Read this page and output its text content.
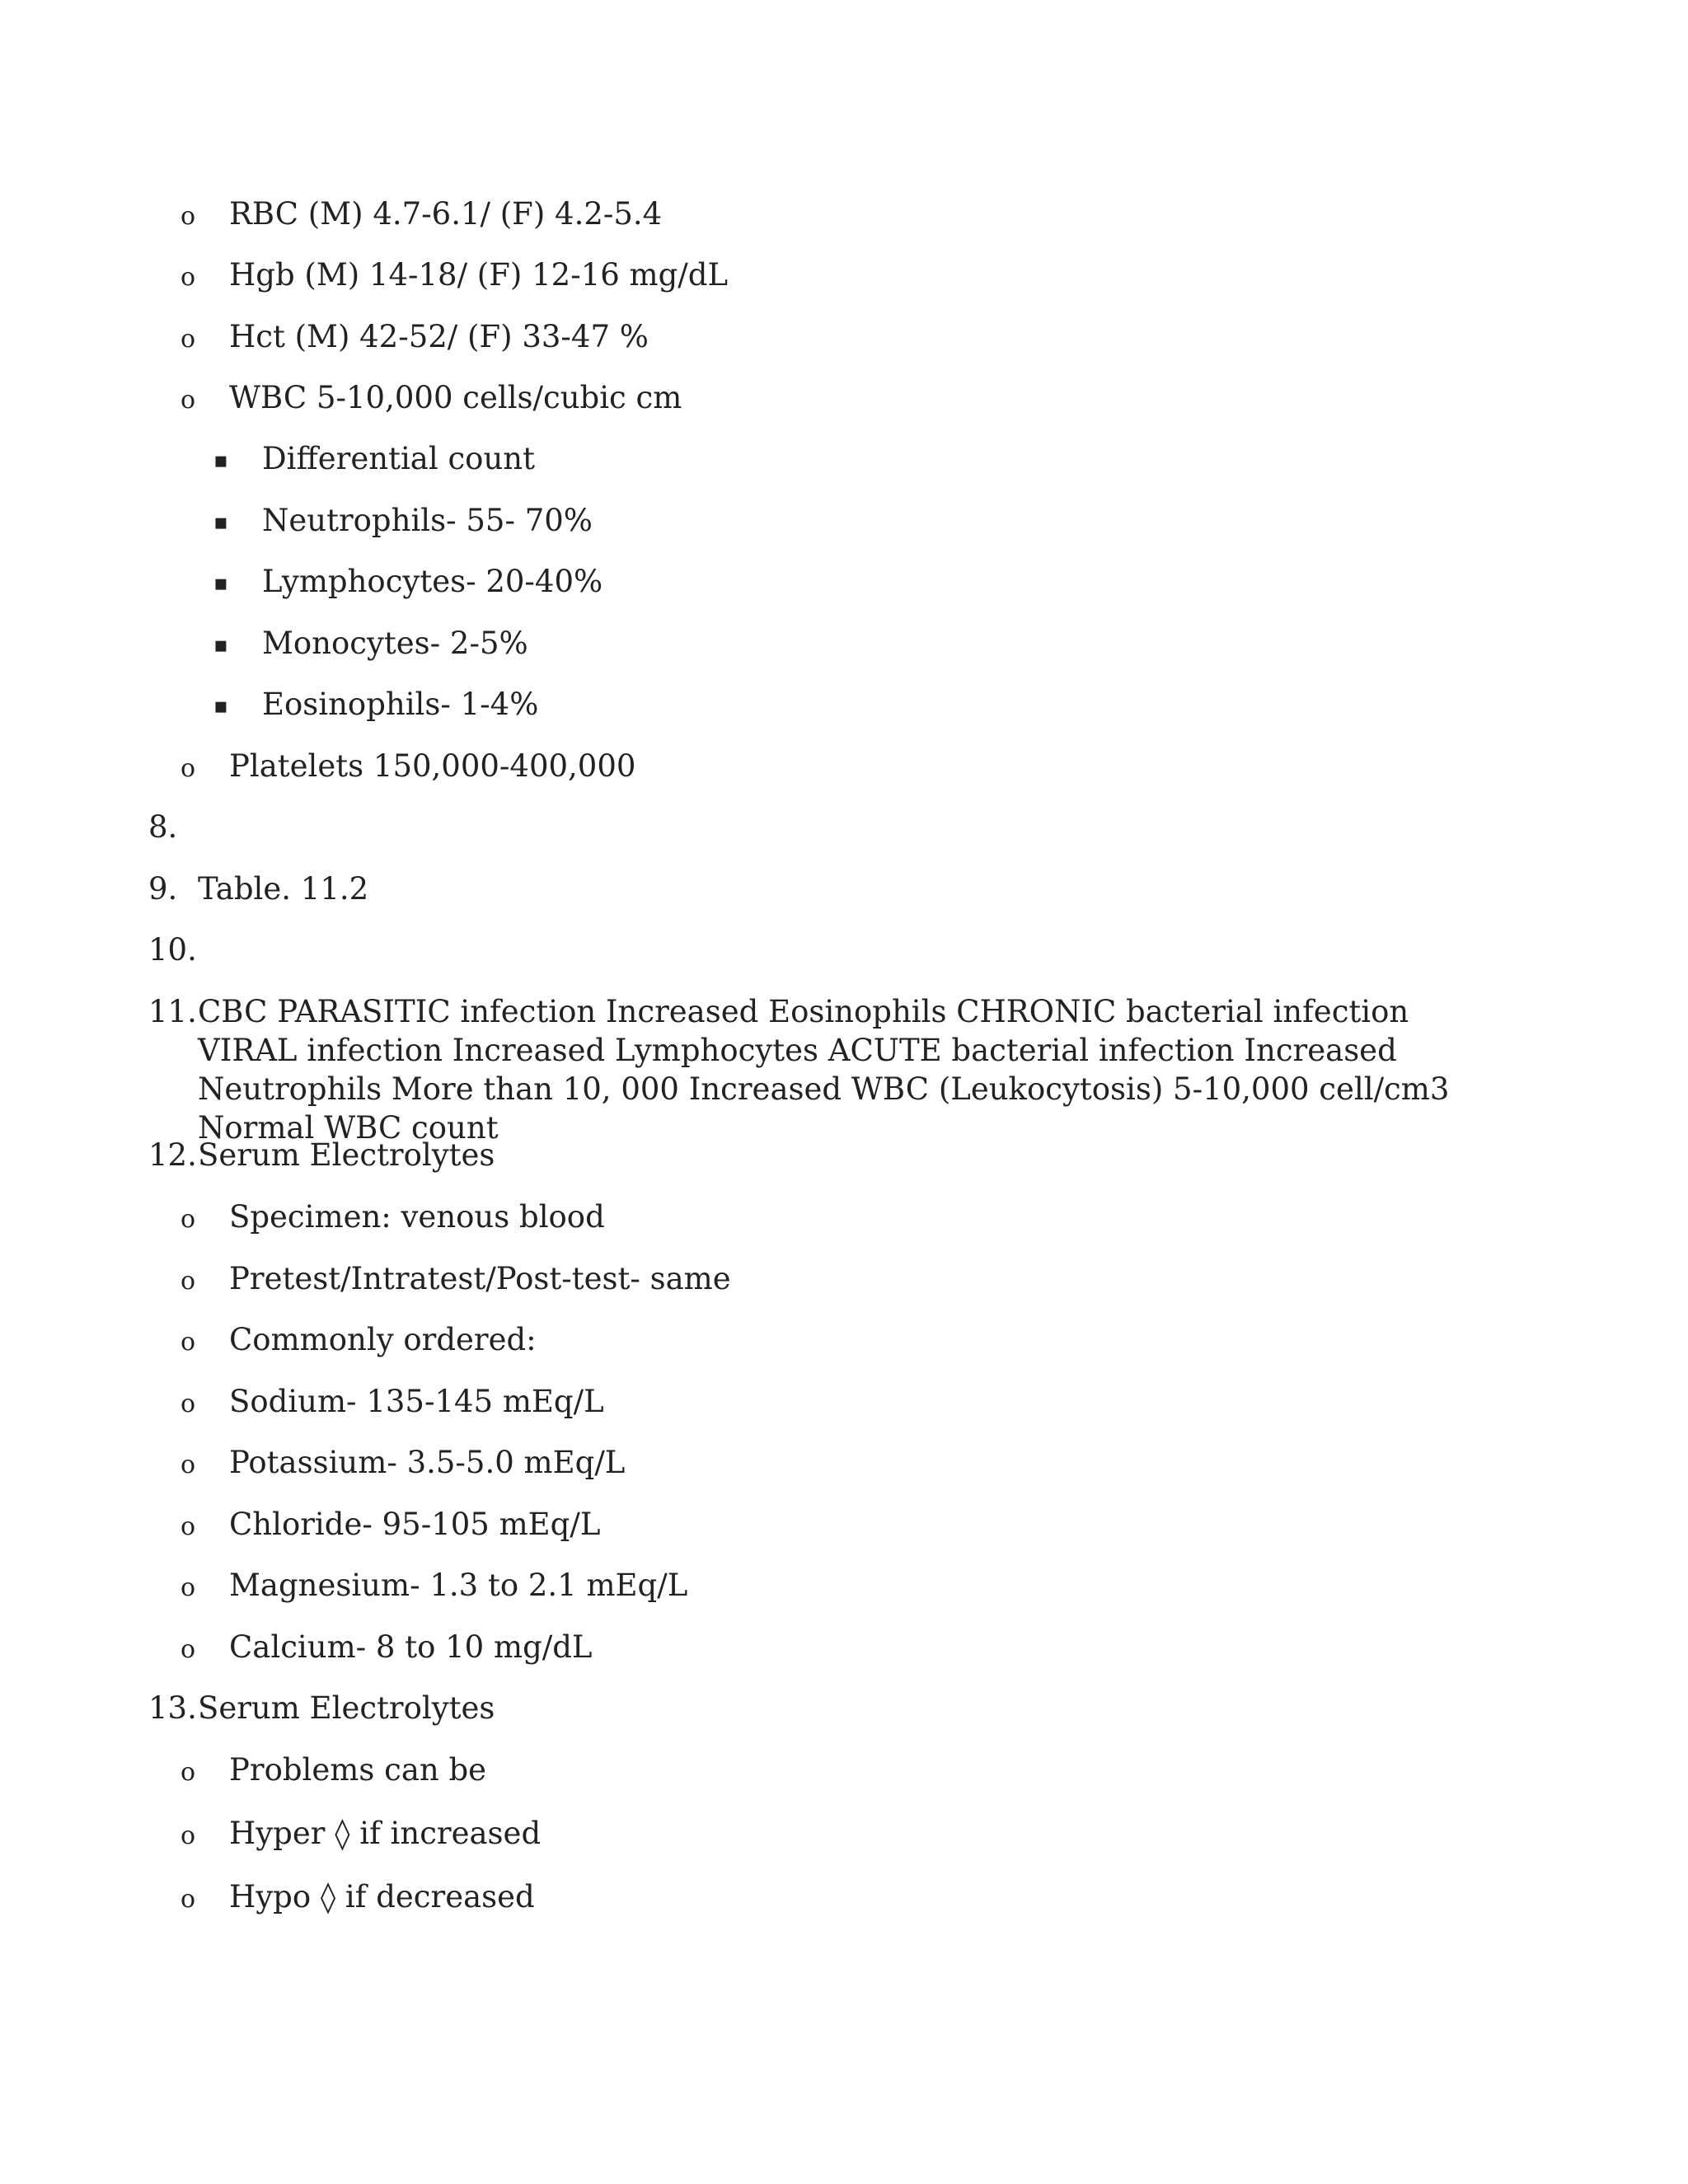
o RBC (M) 4.7-6.1/ (F) 4.2-5.4
o Hgb (M) 14-18/ (F) 12-16 mg/dL
o Hct (M) 42-52/ (F) 33-47 %
o WBC 5-10,000 cells/cubic cm
▪ Differential count
▪ Neutrophils- 55- 70%
▪ Lymphocytes- 20-40%
▪ Monocytes- 2-5%
▪ Eosinophils- 1-4%
o Platelets 150,000-400,000
8.
9. Table. 11.2
10.
11. CBC PARASITIC infection Increased Eosinophils CHRONIC bacterial infection VIRAL infection Increased Lymphocytes ACUTE bacterial infection Increased Neutrophils More than 10, 000 Increased WBC (Leukocytosis) 5-10,000 cell/cm3 Normal WBC count
12. Serum Electrolytes
o Specimen: venous blood
o Pretest/Intratest/Post-test- same
o Commonly ordered:
o Sodium- 135-145 mEq/L
o Potassium- 3.5-5.0 mEq/L
o Chloride- 95-105 mEq/L
o Magnesium- 1.3 to 2.1 mEq/L
o Calcium- 8 to 10 mg/dL
13. Serum Electrolytes
o Problems can be
o Hyper ◊ if increased
o Hypo ◊ if decreased
